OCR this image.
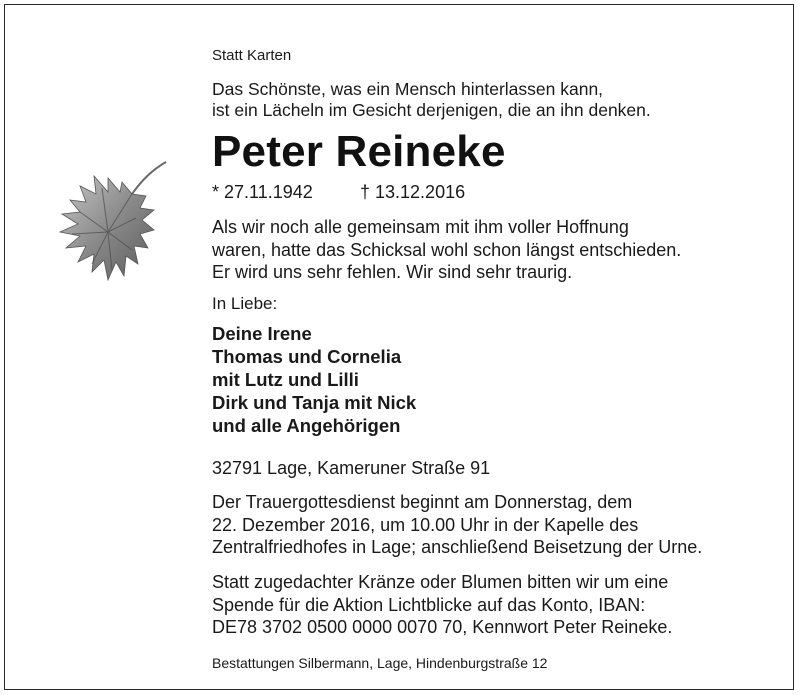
Statt Karten
Das Schönste, was ein Mensch hinterlassen kann,
ist ein Lächeln im Gesicht derjenigen, die an ihn denken.
Peter Reineke
* 27.11.1942	† 13.12.2016
Als wir noch alle gemeinsam mit ihm voller Hoffnung
waren, hatte das Schicksal wohl schon längst entschieden.
Er wird uns sehr fehlen. Wir sind sehr traurig.
In Liebe:
Deine Irene
Thomas und Cornelia
mit Lutz und Lilli
Dirk und Tanja mit Nick
und alle Angehörigen
32791 Lage, Kameruner Straße 91
Der Trauergottesdienst beginnt am Donnerstag, dem
22. Dezember 2016, um 10.00 Uhr in der Kapelle des
Zentralfriedhofes in Lage; anschließend Beisetzung der Urne.
Statt zugedachter Kränze oder Blumen bitten wir um eine
Spende für die Aktion Lichtblicke auf das Konto, IBAN:
DE78 3702 0500 0000 0070 70, Kennwort Peter Reineke.
Bestattungen Silbermann, Lage, Hindenburgstraße 12
